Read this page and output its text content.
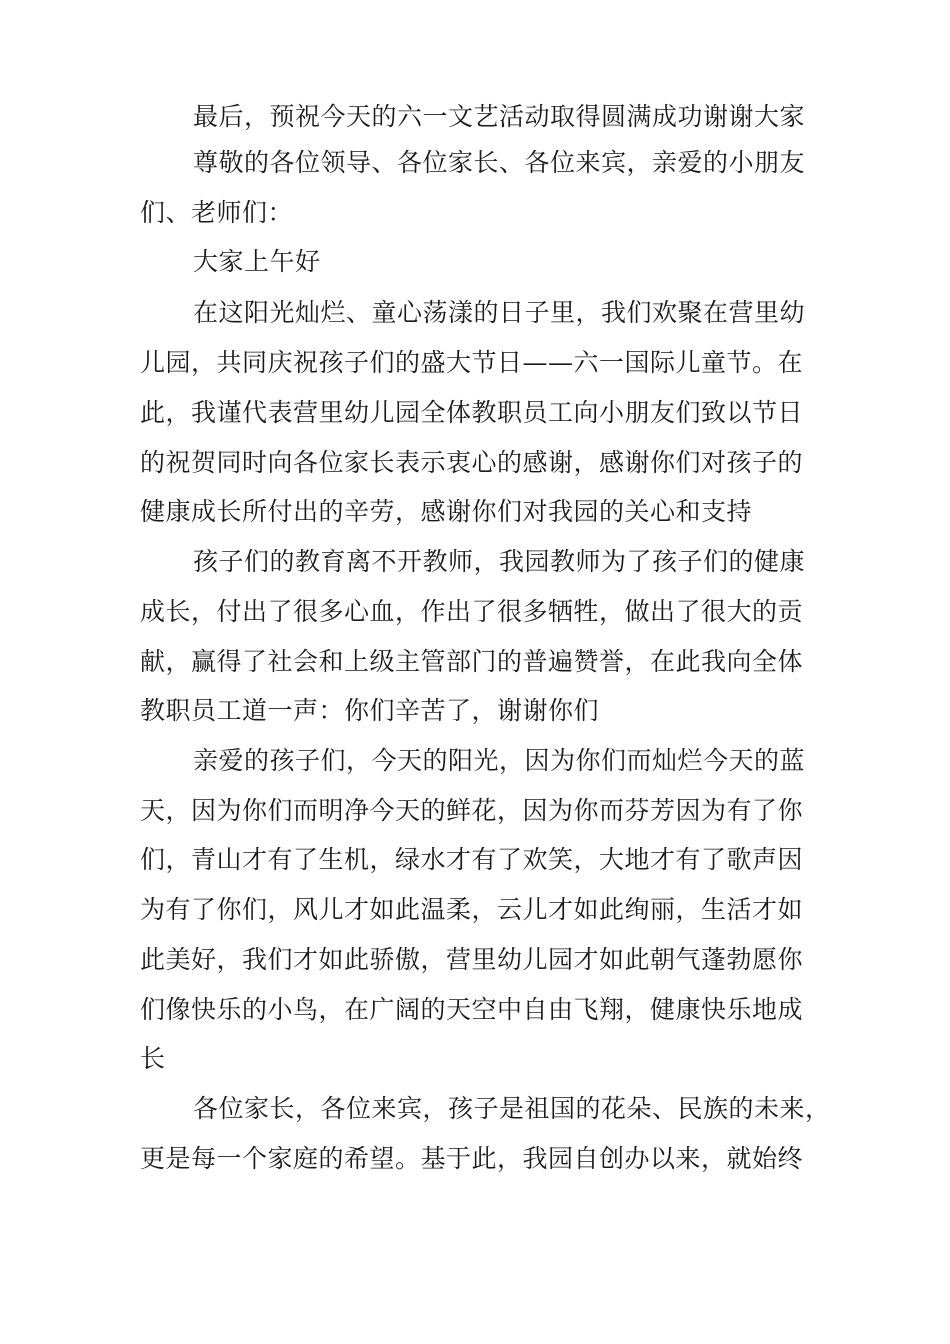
最后，预祝今天的六一文艺活动取得圆满成功谢谢大家
尊敬的各位领导、各位家长、各位来宾，亲爱的小朋友
们、老师们：
大家上午好
在这阳光灿烂、童心荡漾的日子里，我们欢聚在营里幼
儿园，共同庆祝孩子们的盛大节日——六一国际儿童节。在
此，我谨代表营里幼儿园全体教职员工向小朋友们致以节日
的祝贺同时向各位家长表示衷心的感谢，感谢你们对孩子的
健康成长所付出的辛劳，感谢你们对我园的关心和支持
孩子们的教育离不开教师，我园教师为了孩子们的健康
成长，付出了很多心血，作出了很多牺牲，做出了很大的贡
献，赢得了社会和上级主管部门的普遍赞誉，在此我向全体
教职员工道一声：你们辛苦了，谢谢你们
亲爱的孩子们，今天的阳光，因为你们而灿烂今天的蓝
天，因为你们而明净今天的鲜花，因为你而芬芳因为有了你
们，青山才有了生机，绿水才有了欢笑，大地才有了歌声因
为有了你们，风儿才如此温柔，云儿才如此绚丽，生活才如
此美好，我们才如此骄傲，营里幼儿园才如此朝气蓬勃愿你
们像快乐的小鸟，在广阔的天空中自由飞翔，健康快乐地成
长
各位家长，各位来宾，孩子是祖国的花朵、民族的未来，
更是每一个家庭的希望。基于此，我园自创办以来，就始终
